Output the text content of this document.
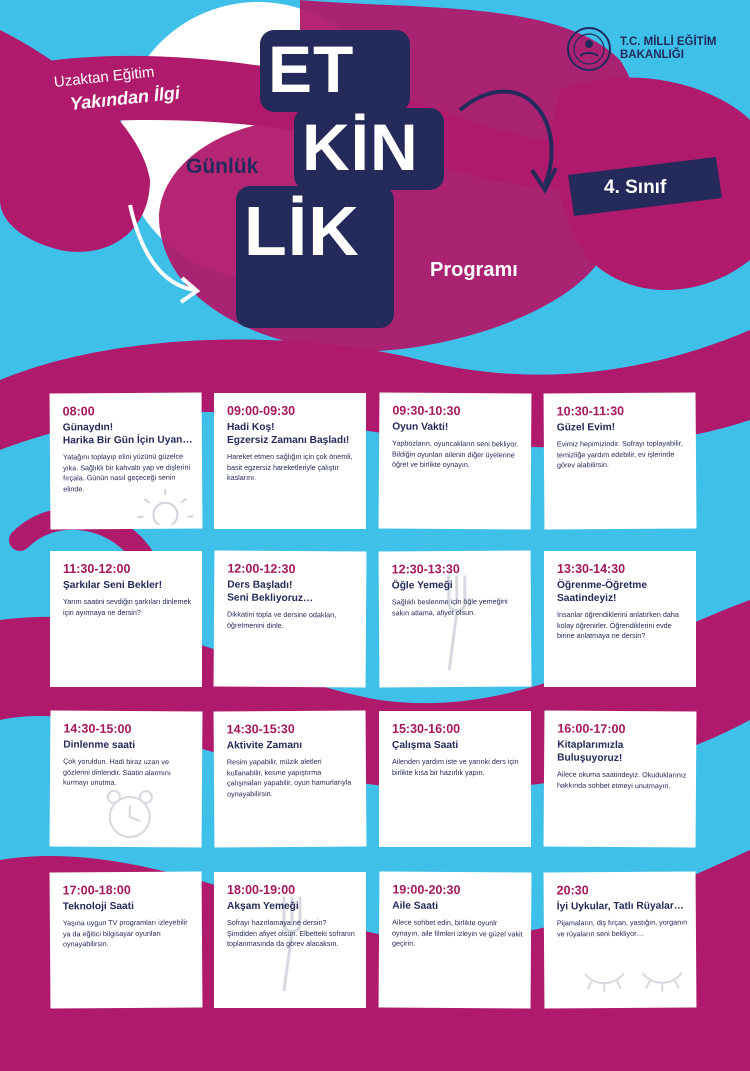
T.C. MİLLİ EĞİTİM
BAKANLIĞI
Uzaktan Eğitim
Yakından İlgi
Günlük
ET
KİN
LİK	Programı
4. Sınıf
08:00
Günaydın!
Harika Bir Gün İçin Uyan…
Yatağını toplayıp elini yüzünü güzelce yıka. Sağlıklı bir kahvaltı yap ve dişlerini fırçala. Günün nasıl geçeceği senin elinde.
09:00-09:30
Hadi Koş!
Egzersiz Zamanı Başladı!
Hareket etmen sağlığın için çok önemli, basit egzersiz hareketleriyle çalıştır kaslarını.
09:30-10:30
Oyun Vakti!
Yapbozların, oyuncakların seni bekliyor. Bildiğin oyunları ailenin diğer üyelerine öğret ve birlikte oynayın.
10:30-11:30
Güzel Evim!
Evimiz hepimizindir. Sofrayı toplayabilir, temizliğe yardım edebilir, ev işlerinde görev alabilirsin.
11:30-12:00
Şarkılar Seni Bekler!
Yarım saatini sevdiğin şarkıları dinlemek için ayırmaya ne dersin?
12:00-12:30
Ders Başladı!
Seni Bekliyoruz…
Dikkatini topla ve dersine odakları, öğretmenini dinle.
12:30-13:30
Öğle Yemeği
Sağlıklı beslenme için öğle yemeğini sakın atlama, afiyet olsun.
13:30-14:30
Öğrenme-Öğretme
Saatindeyiz!
İnsanlar öğrendiklerini anlatırken daha kolay öğrenirler. Öğrendiklerini evde birine anlatmaya ne dersin?
14:30-15:00
Dinlenme saati
Çok yoruldun. Hadi biraz uzan ve gözlerini dinlendir. Saatin alarmını kurmayı unutma.
14:30-15:30
Aktivite Zamanı
Resim yapabilir, müzik aletleri kullanabilir, kesme yapıştırma çalışmaları yapabilir, oyun hamurlarıyla oynayabilirsin.
15:30-16:00
Çalışma Saati
Ailenden yardım iste ve yarınki ders için birlikte kısa bir hazırlık yapın.
16:00-17:00
Kitaplarımızla
Buluşuyoruz!
Ailece okuma saatindeyiz. Okuduklarınız hakkında sohbet etmeyi unutmayın.
17:00-18:00
Teknoloji Saati
Yaşına uygun TV programları izleyebilir ya da eğitici bilgisayar oyunları oynayabilirsin.
18:00-19:00
Akşam Yemeği
Sofrayı hazırlamaya ne dersin? Şimdiden afiyet olsun. Elbetteki sofranın toplanmasında da görev alacaksın.
19:00-20:30
Aile Saati
Ailece sohbet edin, birlikte oyunlr oynayın, aile filmleri izleyin ve güzel vakit geçirin.
20:30
İyi Uykular, Tatlı Rüyalar…
Pijamaların, diş fırçan, yastığın, yorganın ve rüyaların seni bekliyor…
